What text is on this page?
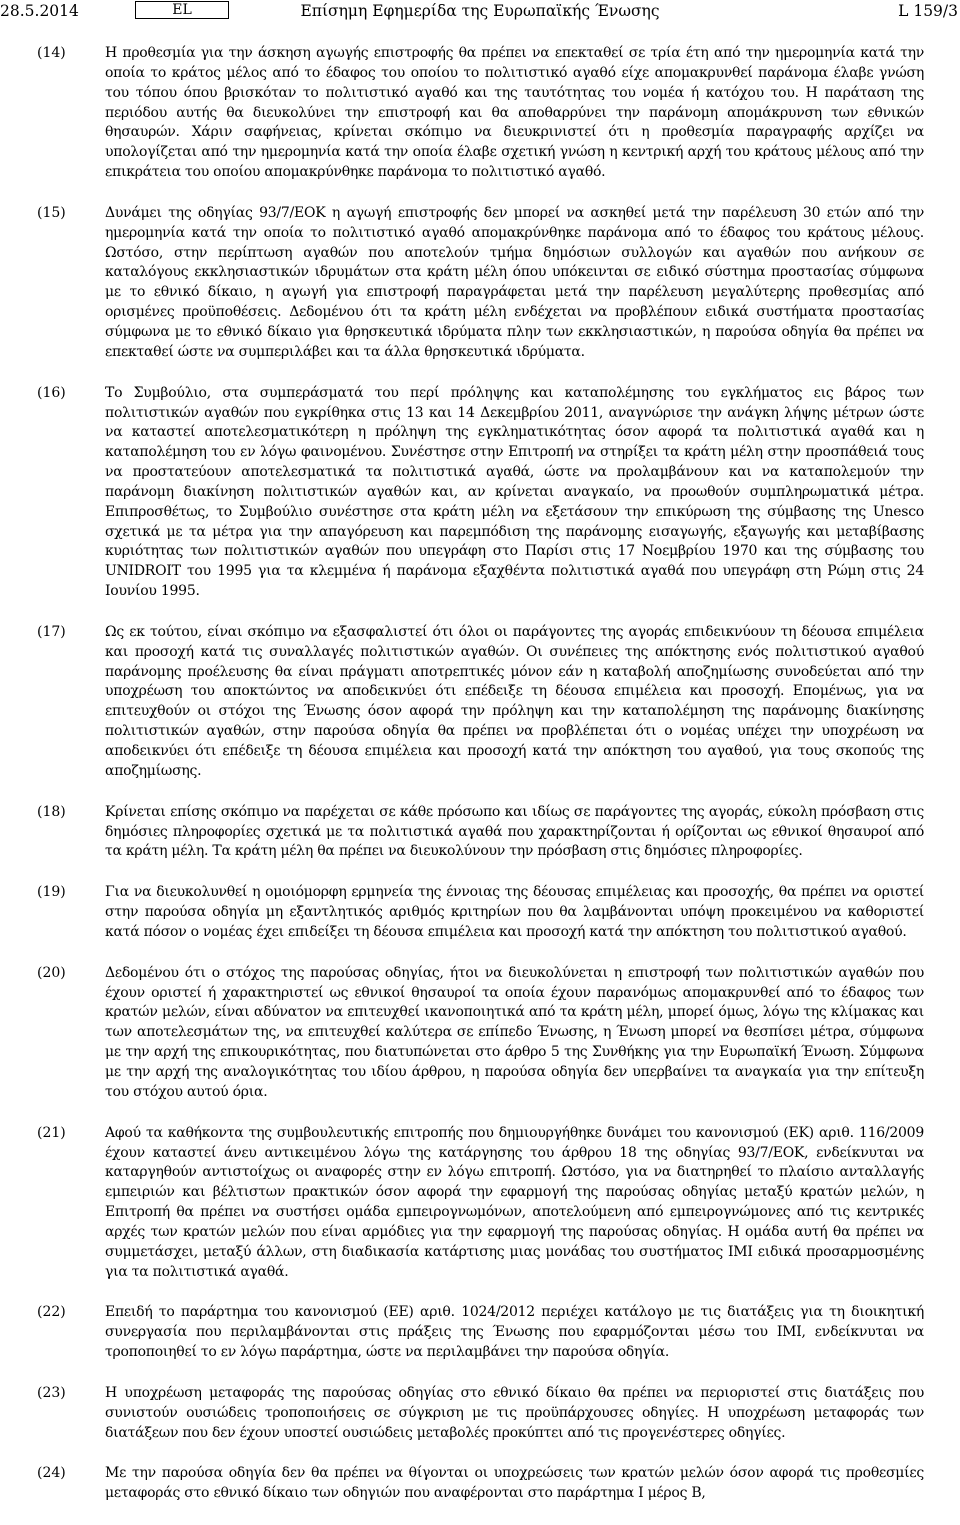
28.5.2014	EL	Επίσημη Εφημερίδα της Ευρωπαϊκής Ένωσης	L 159/3
(14)	Η προθεσμία για την άσκηση αγωγής επιστροφής θα πρέπει να επεκταθεί σε τρία έτη από την ημερομηνία κατά την οποία το κράτος μέλος από το έδαφος του οποίου το πολιτιστικό αγαθό είχε απομακρυνθεί παράνομα έλαβε γνώση του τόπου όπου βρισκόταν το πολιτιστικό αγαθό και της ταυτότητας του νομέα ή κατόχου του. Η παράταση της περιόδου αυτής θα διευκολύνει την επιστροφή και θα αποθαρρύνει την παράνομη απομάκρυνση των εθνικών θησαυρών. Χάριν σαφήνειας, κρίνεται σκόπιμο να διευκρινιστεί ότι η προθεσμία παραγραφής αρχίζει να υπολογίζεται από την ημερομηνία κατά την οποία έλαβε σχετική γνώση η κεντρική αρχή του κράτους μέλους από την επικράτεια του οποίου απομακρύνθηκε παράνομα το πολιτιστικό αγαθό.
(15)	Δυνάμει της οδηγίας 93/7/ΕΟΚ η αγωγή επιστροφής δεν μπορεί να ασκηθεί μετά την παρέλευση 30 ετών από την ημερομηνία κατά την οποία το πολιτιστικό αγαθό απομακρύνθηκε παράνομα από το έδαφος του κράτους μέλους. Ωστόσο, στην περίπτωση αγαθών που αποτελούν τμήμα δημόσιων συλλογών και αγαθών που ανήκουν σε καταλόγους εκκλησιαστικών ιδρυμάτων στα κράτη μέλη όπου υπόκεινται σε ειδικό σύστημα προστασίας σύμφωνα με το εθνικό δίκαιο, η αγωγή για επιστροφή παραγράφεται μετά την παρέλευση μεγαλύτερης προθεσμίας από ορισμένες προϋποθέσεις. Δεδομένου ότι τα κράτη μέλη ενδέχεται να προβλέπουν ειδικά συστήματα προστασίας σύμφωνα με το εθνικό δίκαιο για θρησκευτικά ιδρύματα πλην των εκκλησιαστικών, η παρούσα οδηγία θα πρέπει να επεκταθεί ώστε να συμπεριλάβει και τα άλλα θρησκευτικά ιδρύματα.
(16)	Το Συμβούλιο, στα συμπεράσματά του περί πρόληψης και καταπολέμησης του εγκλήματος εις βάρος των πολιτιστικών αγαθών που εγκρίθηκα στις 13 και 14 Δεκεμβρίου 2011, αναγνώρισε την ανάγκη λήψης μέτρων ώστε να καταστεί αποτελεσματικότερη η πρόληψη της εγκληματικότητας όσον αφορά τα πολιτιστικά αγαθά και η καταπολέμηση του εν λόγω φαινομένου. Συνέστησε στην Επιτροπή να στηρίξει τα κράτη μέλη στην προσπάθειά τους να προστατεύουν αποτελεσματικά τα πολιτιστικά αγαθά, ώστε να προλαμβάνουν και να καταπολεμούν την παράνομη διακίνηση πολιτιστικών αγαθών και, αν κρίνεται αναγκαίο, να προωθούν συμπληρωματικά μέτρα. Επιπροσθέτως, το Συμβούλιο συνέστησε στα κράτη μέλη να εξετάσουν την επικύρωση της σύμβασης της Unesco σχετικά με τα μέτρα για την απαγόρευση και παρεμπόδιση της παράνομης εισαγωγής, εξαγωγής και μεταβίβασης κυριότητας των πολιτιστικών αγαθών που υπεγράφη στο Παρίσι στις 17 Νοεμβρίου 1970 και της σύμβασης του UNIDROIT του 1995 για τα κλεμμένα ή παράνομα εξαχθέντα πολιτιστικά αγαθά που υπεγράφη στη Ρώμη στις 24 Ιουνίου 1995.
(17)	Ως εκ τούτου, είναι σκόπιμο να εξασφαλιστεί ότι όλοι οι παράγοντες της αγοράς επιδεικνύουν τη δέουσα επιμέλεια και προσοχή κατά τις συναλλαγές πολιτιστικών αγαθών. Οι συνέπειες της απόκτησης ενός πολιτιστικού αγαθού παράνομης προέλευσης θα είναι πράγματι αποτρεπτικές μόνον εάν η καταβολή αποζημίωσης συνοδεύεται από την υποχρέωση του αποκτώντος να αποδεικνύει ότι επέδειξε τη δέουσα επιμέλεια και προσοχή. Επομένως, για να επιτευχθούν οι στόχοι της Ένωσης όσον αφορά την πρόληψη και την καταπολέμηση της παράνομης διακίνησης πολιτιστικών αγαθών, στην παρούσα οδηγία θα πρέπει να προβλέπεται ότι ο νομέας υπέχει την υποχρέωση να αποδεικνύει ότι επέδειξε τη δέουσα επιμέλεια και προσοχή κατά την απόκτηση του αγαθού, για τους σκοπούς της αποζημίωσης.
(18)	Κρίνεται επίσης σκόπιμο να παρέχεται σε κάθε πρόσωπο και ιδίως σε παράγοντες της αγοράς, εύκολη πρόσβαση στις δημόσιες πληροφορίες σχετικά με τα πολιτιστικά αγαθά που χαρακτηρίζονται ή ορίζονται ως εθνικοί θησαυροί από τα κράτη μέλη. Τα κράτη μέλη θα πρέπει να διευκολύνουν την πρόσβαση στις δημόσιες πληροφορίες.
(19)	Για να διευκολυνθεί η ομοιόμορφη ερμηνεία της έννοιας της δέουσας επιμέλειας και προσοχής, θα πρέπει να οριστεί στην παρούσα οδηγία μη εξαντλητικός αριθμός κριτηρίων που θα λαμβάνονται υπόψη προκειμένου να καθοριστεί κατά πόσον ο νομέας έχει επιδείξει τη δέουσα επιμέλεια και προσοχή κατά την απόκτηση του πολιτιστικού αγαθού.
(20)	Δεδομένου ότι ο στόχος της παρούσας οδηγίας, ήτοι να διευκολύνεται η επιστροφή των πολιτιστικών αγαθών που έχουν οριστεί ή χαρακτηριστεί ως εθνικοί θησαυροί τα οποία έχουν παρανόμως απομακρυνθεί από το έδαφος των κρατών μελών, είναι αδύνατον να επιτευχθεί ικανοποιητικά από τα κράτη μέλη, μπορεί όμως, λόγω της κλίμακας και των αποτελεσμάτων της, να επιτευχθεί καλύτερα σε επίπεδο Ένωσης, η Ένωση μπορεί να θεσπίσει μέτρα, σύμφωνα με την αρχή της επικουρικότητας, που διατυπώνεται στο άρθρο 5 της Συνθήκης για την Ευρωπαϊκή Ένωση. Σύμφωνα με την αρχή της αναλογικότητας του ιδίου άρθρου, η παρούσα οδηγία δεν υπερβαίνει τα αναγκαία για την επίτευξη του στόχου αυτού όρια.
(21)	Αφού τα καθήκοντα της συμβουλευτικής επιτροπής που δημιουργήθηκε δυνάμει του κανονισμού (ΕΚ) αριθ. 116/2009 έχουν καταστεί άνευ αντικειμένου λόγω της κατάργησης του άρθρου 18 της οδηγίας 93/7/ΕΟΚ, ενδείκνυται να καταργηθούν αντιστοίχως οι αναφορές στην εν λόγω επιτροπή. Ωστόσο, για να διατηρηθεί το πλαίσιο ανταλλαγής εμπειριών και βέλτιστων πρακτικών όσον αφορά την εφαρμογή της παρούσας οδηγίας μεταξύ κρατών μελών, η Επιτροπή θα πρέπει να συστήσει ομάδα εμπειρογνωμόνων, αποτελούμενη από εμπειρογνώμονες από τις κεντρικές αρχές των κρατών μελών που είναι αρμόδιες για την εφαρμογή της παρούσας οδηγίας. Η ομάδα αυτή θα πρέπει να συμμετάσχει, μεταξύ άλλων, στη διαδικασία κατάρτισης μιας μονάδας του συστήματος ΙΜΙ ειδικά προσαρμοσμένης για τα πολιτιστικά αγαθά.
(22)	Επειδή το παράρτημα του κανονισμού (ΕΕ) αριθ. 1024/2012 περιέχει κατάλογο με τις διατάξεις για τη διοικητική συνεργασία που περιλαμβάνονται στις πράξεις της Ένωσης που εφαρμόζονται μέσω του ΙΜΙ, ενδείκνυται να τροποποιηθεί το εν λόγω παράρτημα, ώστε να περιλαμβάνει την παρούσα οδηγία.
(23)	Η υποχρέωση μεταφοράς της παρούσας οδηγίας στο εθνικό δίκαιο θα πρέπει να περιοριστεί στις διατάξεις που συνιστούν ουσιώδεις τροποποιήσεις σε σύγκριση με τις προϋπάρχουσες οδηγίες. Η υποχρέωση μεταφοράς των διατάξεων που δεν έχουν υποστεί ουσιώδεις μεταβολές προκύπτει από τις προγενέστερες οδηγίες.
(24)	Με την παρούσα οδηγία δεν θα πρέπει να θίγονται οι υποχρεώσεις των κρατών μελών όσον αφορά τις προθεσμίες μεταφοράς στο εθνικό δίκαιο των οδηγιών που αναφέρονται στο παράρτημα I μέρος B,
